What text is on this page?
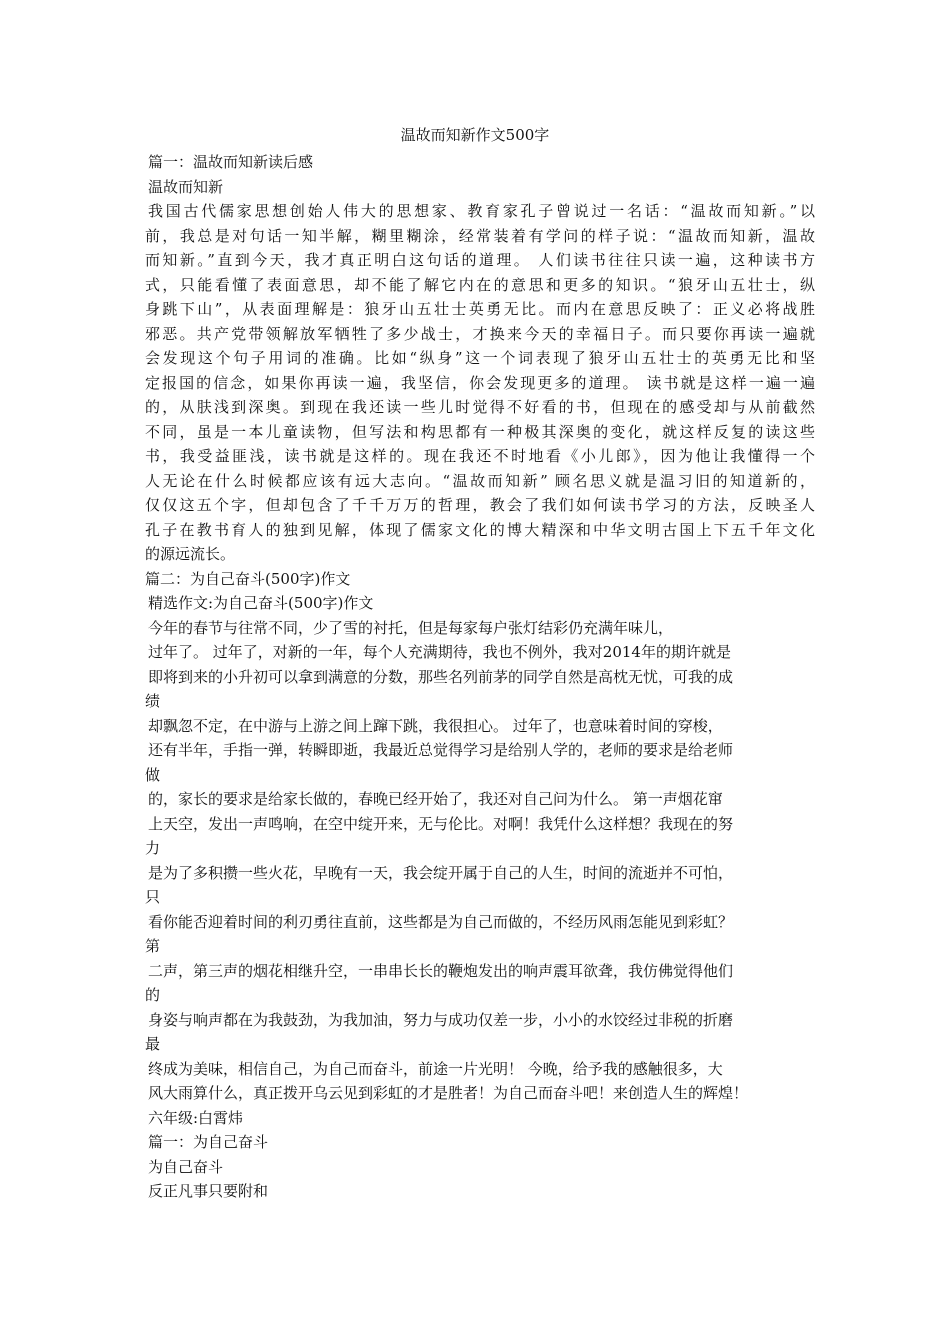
温故而知新作文500字
篇一：温故而知新读后感
温故而知新
我国古代儒家思想创始人伟大的思想家、教育家孔子曾说过一名话：“温故而知新。”以
前，我总是对句话一知半解，糊里糊涂，经常装着有学问的样子说：“温故而知新，温故
而知新。”直到今天，我才真正明白这句话的道理。 人们读书往往只读一遍，这种读书方
式，只能看懂了表面意思，却不能了解它内在的意思和更多的知识。“狼牙山五壮士，纵
身跳下山”，从表面理解是：狼牙山五壮士英勇无比。而内在意思反映了：正义必将战胜
邪恶。共产党带领解放军牺牲了多少战士，才换来今天的幸福日子。而只要你再读一遍就
会发现这个句子用词的准确。比如“纵身”这一个词表现了狼牙山五壮士的英勇无比和坚
定报国的信念，如果你再读一遍，我坚信，你会发现更多的道理。 读书就是这样一遍一遍
的，从肤浅到深奥。到现在我还读一些儿时觉得不好看的书，但现在的感受却与从前截然
不同，虽是一本儿童读物，但写法和构思都有一种极其深奥的变化，就这样反复的读这些
书，我受益匪浅，读书就是这样的。现在我还不时地看《小儿郎》，因为他让我懂得一个
人无论在什么时候都应该有远大志向。“温故而知新” 顾名思义就是温习旧的知道新的，
仅仅这五个字，但却包含了千千万万的哲理，教会了我们如何读书学习的方法，反映圣人
孔子在教书育人的独到见解，体现了儒家文化的博大精深和中华文明古国上下五千年文化
的源远流长。
篇二：为自己奋斗(500字)作文
精选作文:为自己奋斗(500字)作文
今年的春节与往常不同，少了雪的衬托，但是每家每户张灯结彩仍充满年味儿，
过年了。 过年了，对新的一年，每个人充满期待，我也不例外，我对2014年的期许就是
即将到来的小升初可以拿到满意的分数，那些名列前茅的同学自然是高枕无忧，可我的成
绩
却飘忽不定，在中游与上游之间上蹿下跳，我很担心。 过年了，也意味着时间的穿梭，
还有半年，手指一弹，转瞬即逝，我最近总觉得学习是给别人学的，老师的要求是给老师
做
的，家长的要求是给家长做的，春晚已经开始了，我还对自己问为什么。 第一声烟花窜
上天空，发出一声鸣响，在空中绽开来，无与伦比。对啊！我凭什么这样想？我现在的努
力
是为了多积攒一些火花，早晚有一天，我会绽开属于自己的人生，时间的流逝并不可怕，
只
看你能否迎着时间的利刃勇往直前，这些都是为自己而做的，不经历风雨怎能见到彩虹？
第
二声，第三声的烟花相继升空，一串串长长的鞭炮发出的响声震耳欲聋，我仿佛觉得他们
的
身姿与响声都在为我鼓劲，为我加油，努力与成功仅差一步，小小的水饺经过非税的折磨
最
终成为美味，相信自己，为自己而奋斗，前途一片光明！ 今晚，给予我的感触很多，大
风大雨算什么，真正拨开乌云见到彩虹的才是胜者！为自己而奋斗吧！来创造人生的辉煌！
六年级:白霄炜
篇一：为自己奋斗
为自己奋斗
反正凡事只要附和
